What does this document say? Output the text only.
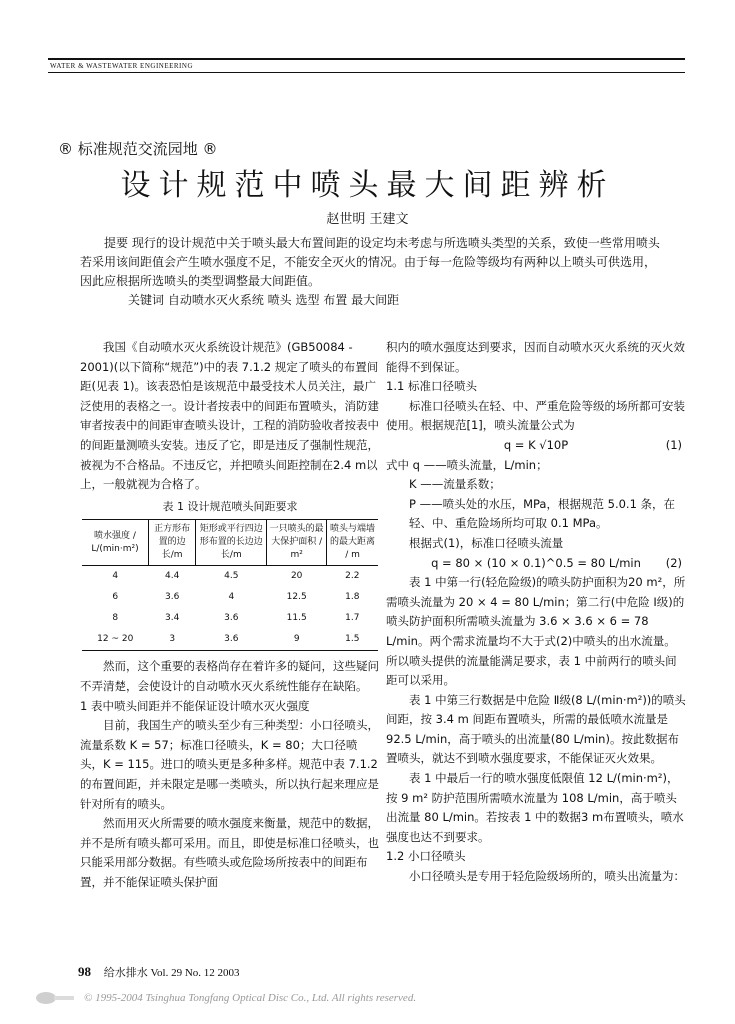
WATER & WASTEWATER ENGINEERING
® 标准规范交流园地 ®
设计规范中喷头最大间距辨析
赵世明 王建文

提要 现行的设计规范中关于喷头最大布置间距的设定均未考虑与所选喷头类型的关系，致使一些常用喷头若采用该间距值会产生喷水强度不足，不能安全灭火的情况。由于每一危险等级均有两种以上喷头可供选用，因此应根据所选喷头的类型调整最大间距值。

关键词 自动喷水灭火系统 喷头 选型 布置 最大间距

我国《自动喷水灭火系统设计规范》(GB50084 - 2001)(以下简称“规范”)中的表 7.1.2 规定了喷头的布置间距(见表 1)。该表恐怕是该规范中最受技术人员关注，最广泛使用的表格之一。设计者按表中的间距布置喷头，消防建审者按表中的间距审查喷头设计，工程的消防验收者按表中的间距量测喷头安装。违反了它，即是违反了强制性规范，被视为不合格品。不违反它，并把喷头间距控制在2.4 m以上，一般就视为合格了。

表 1 设计规范喷头间距要求
喷水强度 / L/(min·m²)	正方形布置的边长/m	矩形或平行四边形布置的长边边长/m	一只喷头的最大保护面积 / m²	喷头与端墙的最大距离 / m
4	4.4	4.5	20	2.2
6	3.6	4	12.5	1.8
8	3.4	3.6	11.5	1.7
12 ~ 20	3	3.6	9	1.5

然而，这个重要的表格尚存在着许多的疑问，这些疑问不弄清楚，会使设计的自动喷水灭火系统性能存在缺陷。

1 表中喷头间距并不能保证设计喷水灭火强度

目前，我国生产的喷头至少有三种类型：小口径喷头，流量系数 K = 57；标准口径喷头，K = 80；大口径喷头，K = 115。进口的喷头更是多种多样。规范中表 7.1.2 的布置间距，并未限定是哪一类喷头，所以执行起来理应是针对所有的喷头。

然而用灭火所需要的喷水强度来衡量，规范中的数据，并不是所有喷头都可采用。而且，即使是标准口径喷头，也只能采用部分数据。有些喷头或危险场所按表中的间距布置，并不能保证喷头保护面

积内的喷水强度达到要求，因而自动喷水灭火系统的灭火效能得不到保证。

1.1 标准口径喷头

标准口径喷头在轻、中、严重危险等级的场所都可安装使用。根据规范[1]，喷头流量公式为

q = K √10P	(1)

式中 q ——喷头流量，L/min；

K ——流量系数；

P ——喷头处的水压，MPa，根据规范 5.0.1 条，在轻、中、重危险场所均可取 0.1 MPa。

根据式(1)，标准口径喷头流量

q = 80 × (10 × 0.1)^0.5 = 80 L/min (2)

表 1 中第一行(轻危险级)的喷头防护面积为20 m²，所需喷头流量为 20 × 4 = 80 L/min；第二行(中危险 Ⅰ级)的喷头防护面积所需喷头流量为 3.6 × 3.6 × 6 = 78 L/min。两个需求流量均不大于式(2)中喷头的出水流量。所以喷头提供的流量能满足要求，表 1 中前两行的喷头间距可以采用。

表 1 中第三行数据是中危险 Ⅱ级(8 L/(min·m²))的喷头间距，按 3.4 m 间距布置喷头，所需的最低喷水流量是 92.5 L/min，高于喷头的出流量(80 L/min)。按此数据布置喷头，就达不到喷水强度要求，不能保证灭火效果。

表 1 中最后一行的喷水强度低限值 12 L/(min·m²)，按 9 m² 防护范围所需喷水流量为 108 L/min，高于喷头出流量 80 L/min。若按表 1 中的数据3 m布置喷头，喷水强度也达不到要求。

1.2 小口径喷头

小口径喷头是专用于轻危险级场所的，喷头出流量为：

98 给水排水 Vol. 29 No. 12 2003
© 1995-2004 Tsinghua Tongfang Optical Disc Co., Ltd. All rights reserved.
